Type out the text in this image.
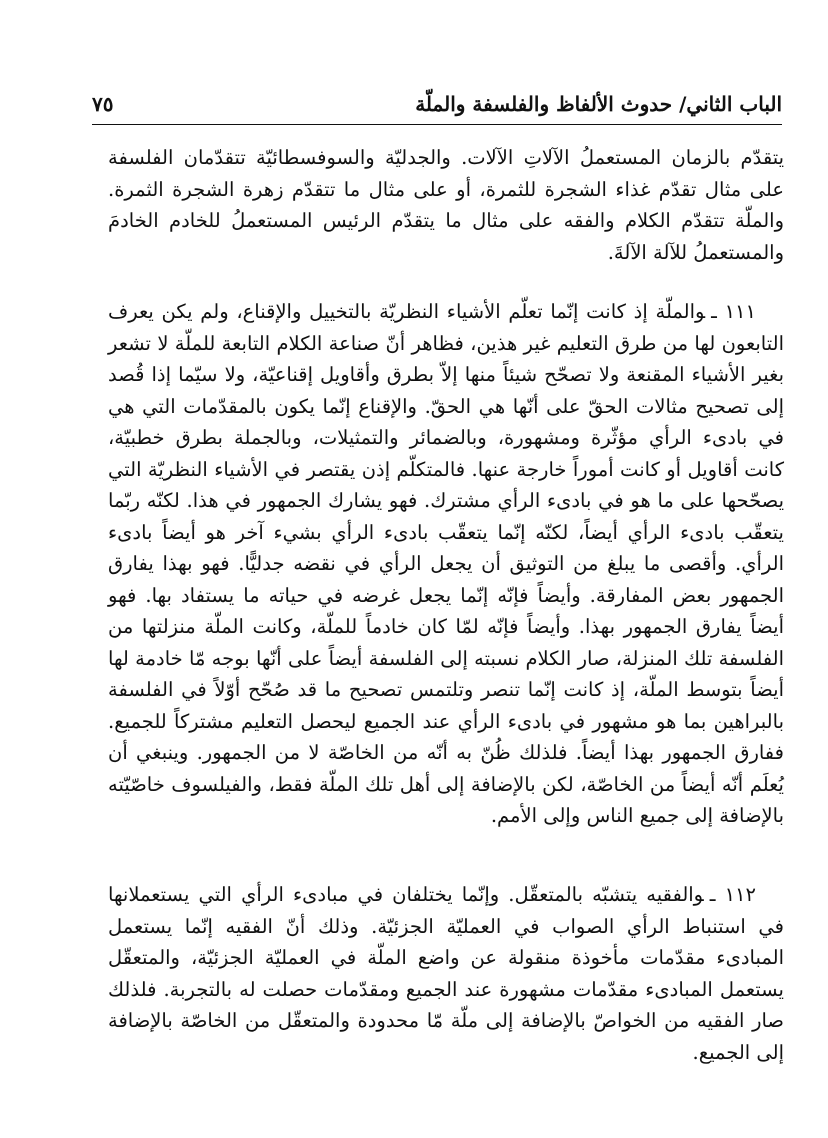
الباب الثاني/ حدوث الألفاظ والفلسفة والملّة
٧٥

يتقدّم بالزمان المستعملُ الآلاتِ الآلات. والجدليّة والسوفسطائيّة تتقدّمان الفلسفة على مثال تقدّم غذاء الشجرة للثمرة، أو على مثال ما تتقدّم زهرة الشجرة الثمرة. والملّة تتقدّم الكلام والفقه على مثال ما يتقدّم الرئيس المستعملُ للخادم الخادمَ والمستعملُ للآلة الآلةَ.

١١١ ـوالملّة إذ كانت إنّما تعلّم الأشياء النظريّة بالتخييل والإقناع، ولم يكن يعرف التابعون لها من طرق التعليم غير هذين، فظاهر أنّ صناعة الكلام التابعة للملّة لا تشعر بغير الأشياء المقنعة ولا تصحّح شيئاً منها إلاّ بطرق وأقاويل إقناعيّة، ولا سيّما إذا قُصد إلى تصحيح مثالات الحقّ على أنّها هي الحقّ. والإقناع إنّما يكون بالمقدّمات التي هي في بادىء الرأي مؤثّرة ومشهورة، وبالضمائر والتمثيلات، وبالجملة بطرق خطبيّة، كانت أقاويل أو كانت أموراً خارجة عنها. فالمتكلّم إذن يقتصر في الأشياء النظريّة التي يصحّحها على ما هو في بادىء الرأي مشترك. فهو يشارك الجمهور في هذا. لكنّه ربّما يتعقّب بادىء الرأي أيضاً، لكنّه إنّما يتعقّب بادىء الرأي بشيء آخر هو أيضاً بادىء الرأي. وأقصى ما يبلغ من التوثيق أن يجعل الرأي في نقضه جدليًّا. فهو بهذا يفارق الجمهور بعض المفارقة. وأيضاً فإنّه إنّما يجعل غرضه في حياته ما يستفاد بها. فهو أيضاً يفارق الجمهور بهذا. وأيضاً فإنّه لمّا كان خادماً للملّة، وكانت الملّة منزلتها من الفلسفة تلك المنزلة، صار الكلام نسبته إلى الفلسفة أيضاً على أنّها بوجه مّا خادمة لها أيضاً بتوسط الملّة، إذ كانت إنّما تنصر وتلتمس تصحيح ما قد صُحّح أوّلاً في الفلسفة بالبراهين بما هو مشهور في بادىء الرأي عند الجميع ليحصل التعليم مشتركاً للجميع. ففارق الجمهور بهذا أيضاً. فلذلك ظُنّ به أنّه من الخاصّة لا من الجمهور. وينبغي أن يُعلَم أنّه أيضاً من الخاصّة، لكن بالإضافة إلى أهل تلك الملّة فقط، والفيلسوف خاصّيّته بالإضافة إلى جميع الناس وإلى الأمم.

١١٢ ـوالفقيه يتشبّه بالمتعقّل. وإنّما يختلفان في مبادىء الرأي التي يستعملانها في استنباط الرأي الصواب في العمليّة الجزئيّة. وذلك أنّ الفقيه إنّما يستعمل المبادىء مقدّمات مأخوذة منقولة عن واضع الملّة في العمليّة الجزئيّة، والمتعقّل يستعمل المبادىء مقدّمات مشهورة عند الجميع ومقدّمات حصلت له بالتجربة. فلذلك صار الفقيه من الخواصّ بالإضافة إلى ملّة مّا محدودة والمتعقّل من الخاصّة بالإضافة إلى الجميع.
